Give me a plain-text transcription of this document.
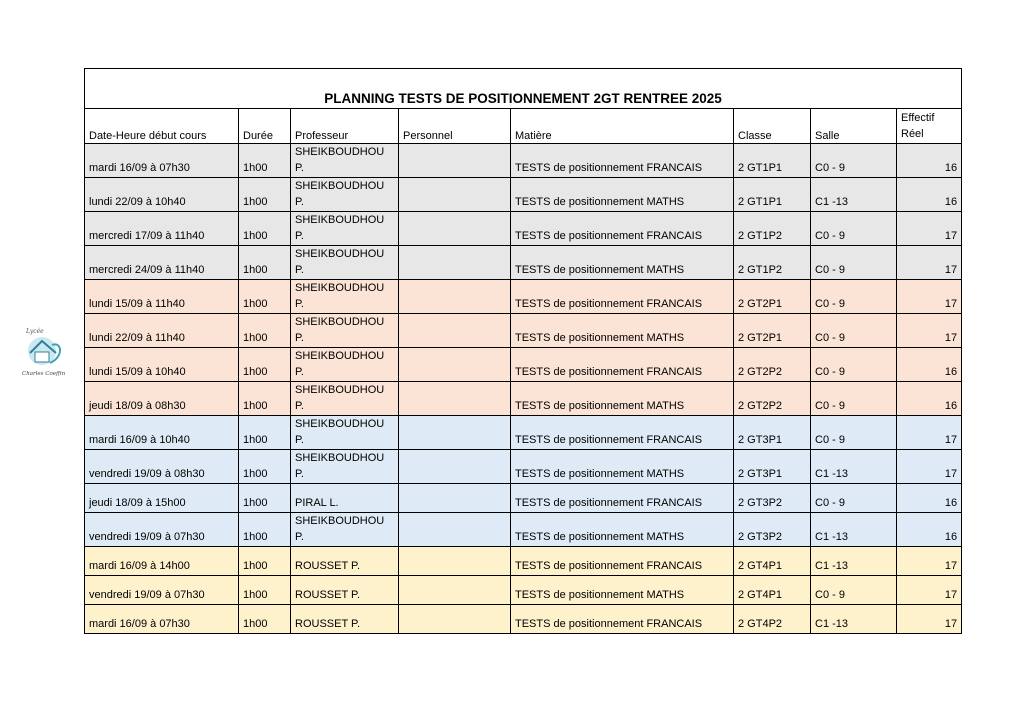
Lycée
Charles Coeffin
PLANNING TESTS DE POSITIONNEMENT 2GT RENTREE 2025							
Date-Heure début cours	Durée	Professeur	Personnel	Matière	Classe	Salle	Effectif
Réel
mardi 16/09 à 07h30	1h00	SHEIKBOUDHOU
P.		TESTS de positionnement FRANCAIS	2 GT1P1	C0 - 9	16
lundi 22/09 à 10h40	1h00	SHEIKBOUDHOU
P.		TESTS de positionnement MATHS	2 GT1P1	C1 -13	16
mercredi 17/09 à 11h40	1h00	SHEIKBOUDHOU
P.		TESTS de positionnement FRANCAIS	2 GT1P2	C0 - 9	17
mercredi 24/09 à 11h40	1h00	SHEIKBOUDHOU
P.		TESTS de positionnement MATHS	2 GT1P2	C0 - 9	17
lundi 15/09 à 11h40	1h00	SHEIKBOUDHOU
P.		TESTS de positionnement FRANCAIS	2 GT2P1	C0 - 9	17
lundi 22/09 à 11h40	1h00	SHEIKBOUDHOU
P.		TESTS de positionnement MATHS	2 GT2P1	C0 - 9	17
lundi 15/09 à 10h40	1h00	SHEIKBOUDHOU
P.		TESTS de positionnement FRANCAIS	2 GT2P2	C0 - 9	16
jeudi 18/09 à 08h30	1h00	SHEIKBOUDHOU
P.		TESTS de positionnement MATHS	2 GT2P2	C0 - 9	16
mardi 16/09 à 10h40	1h00	SHEIKBOUDHOU
P.		TESTS de positionnement FRANCAIS	2 GT3P1	C0 - 9	17
vendredi 19/09 à 08h30	1h00	SHEIKBOUDHOU
P.		TESTS de positionnement MATHS	2 GT3P1	C1 -13	17
jeudi 18/09 à 15h00	1h00	PIRAL L.		TESTS de positionnement FRANCAIS	2 GT3P2	C0 - 9	16
vendredi 19/09 à 07h30	1h00	SHEIKBOUDHOU
P.		TESTS de positionnement MATHS	2 GT3P2	C1 -13	16
mardi 16/09 à 14h00	1h00	ROUSSET P.		TESTS de positionnement FRANCAIS	2 GT4P1	C1 -13	17
vendredi 19/09 à 07h30	1h00	ROUSSET P.		TESTS de positionnement MATHS	2 GT4P1	C0 - 9	17
mardi 16/09 à 07h30	1h00	ROUSSET P.		TESTS de positionnement FRANCAIS	2 GT4P2	C1 -13	17
